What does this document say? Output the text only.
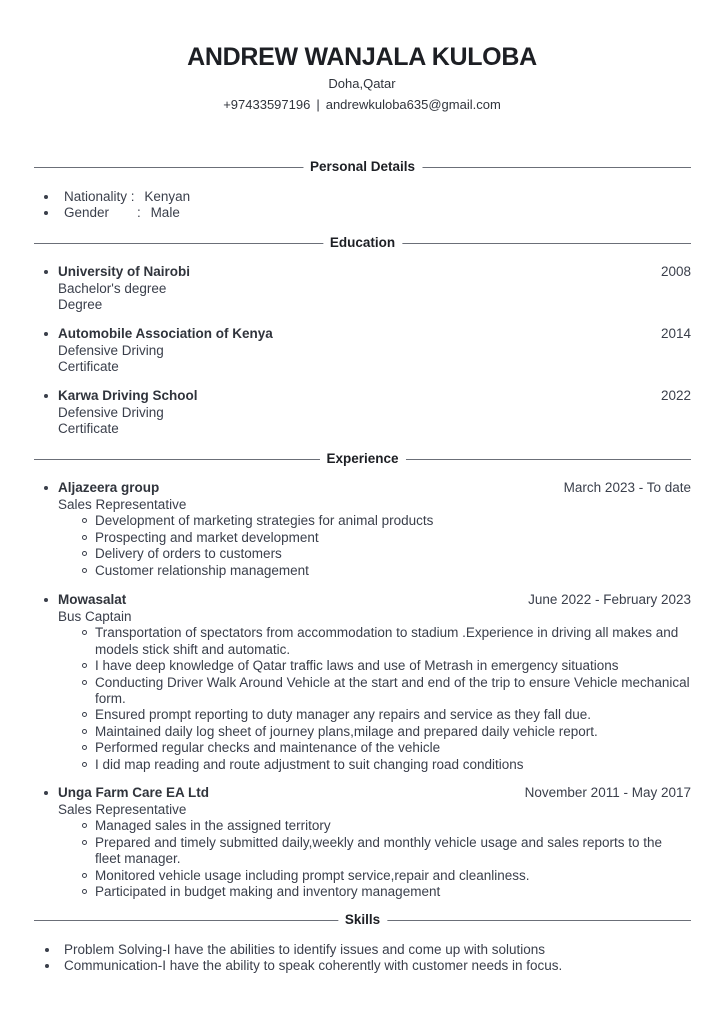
ANDREW WANJALA KULOBA
Doha,Qatar
+97433597196 | andrewkuloba635@gmail.com
Personal Details
Nationality : Kenyan
Gender : Male
Education
University of Nairobi	2008
Bachelor's degree
Degree
Automobile Association of Kenya	2014
Defensive Driving
Certificate
Karwa Driving School	2022
Defensive Driving
Certificate
Experience
Aljazeera group	March 2023 - To date
Sales Representative
Development of marketing strategies for animal products
Prospecting and market development
Delivery of orders to customers
Customer relationship management
Mowasalat	June 2022 - February 2023
Bus Captain
Transportation of spectators from accommodation to stadium .Experience in driving all makes and models stick shift and automatic.
I have deep knowledge of Qatar traffic laws and use of Metrash in emergency situations
Conducting Driver Walk Around Vehicle at the start and end of the trip to ensure Vehicle mechanical form.
Ensured prompt reporting to duty manager any repairs and service as they fall due.
Maintained daily log sheet of journey plans,milage and prepared daily vehicle report.
Performed regular checks and maintenance of the vehicle
I did map reading and route adjustment to suit changing road conditions
Unga Farm Care EA Ltd	November 2011 - May 2017
Sales Representative
Managed sales in the assigned territory
Prepared and timely submitted daily,weekly and monthly vehicle usage and sales reports to the fleet manager.
Monitored vehicle usage including prompt service,repair and cleanliness.
Participated in budget making and inventory management
Skills
Problem Solving-I have the abilities to identify issues and come up with solutions
Communication-I have the ability to speak coherently with customer needs in focus.
